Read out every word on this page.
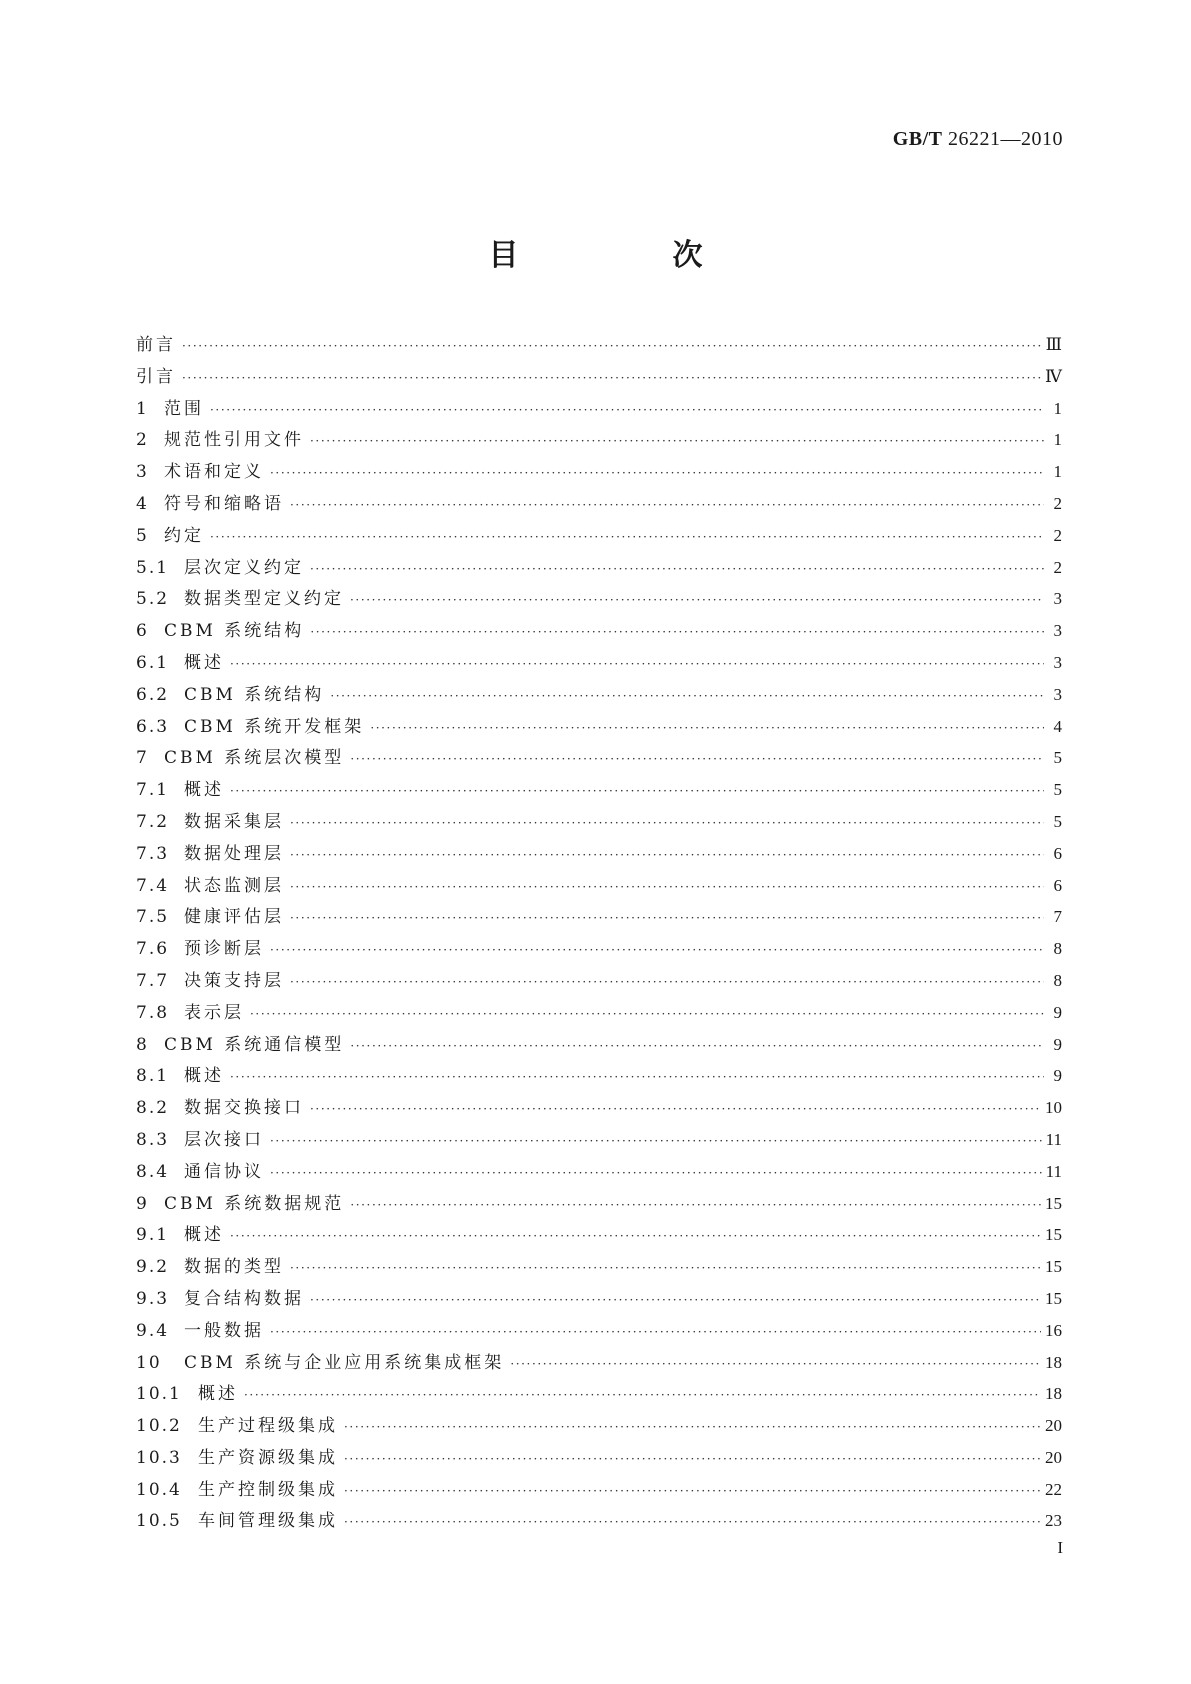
GB/T 26221—2010
目　次
前言 ·····	Ⅲ
引言 ·····	Ⅳ
1 范围 ·····	1
2 规范性引用文件 ·····	1
3 术语和定义 ·····	1
4 符号和缩略语 ·····	2
5 约定 ·····	2
5.1 层次定义约定 ·····	2
5.2 数据类型定义约定 ·····	3
6 CBM 系统结构 ·····	3
6.1 概述 ·····	3
6.2 CBM 系统结构 ·····	3
6.3 CBM 系统开发框架 ·····	4
7 CBM 系统层次模型 ·····	5
7.1 概述 ·····	5
7.2 数据采集层 ·····	5
7.3 数据处理层 ·····	6
7.4 状态监测层 ·····	6
7.5 健康评估层 ·····	7
7.6 预诊断层 ·····	8
7.7 决策支持层 ·····	8
7.8 表示层 ·····	9
8 CBM 系统通信模型 ·····	9
8.1 概述 ·····	9
8.2 数据交换接口 ·····	10
8.3 层次接口 ·····	11
8.4 通信协议 ·····	11
9 CBM 系统数据规范 ·····	15
9.1 概述 ·····	15
9.2 数据的类型 ·····	15
9.3 复合结构数据 ·····	15
9.4 一般数据 ·····	16
10	CBM 系统与企业应用系统集成框架 ·····	18
10.1 概述 ·····	18
10.2 生产过程级集成 ·····	20
10.3 生产资源级集成 ·····	20
10.4 生产控制级集成 ·····	22
10.5 车间管理级集成 ·····	23
I
